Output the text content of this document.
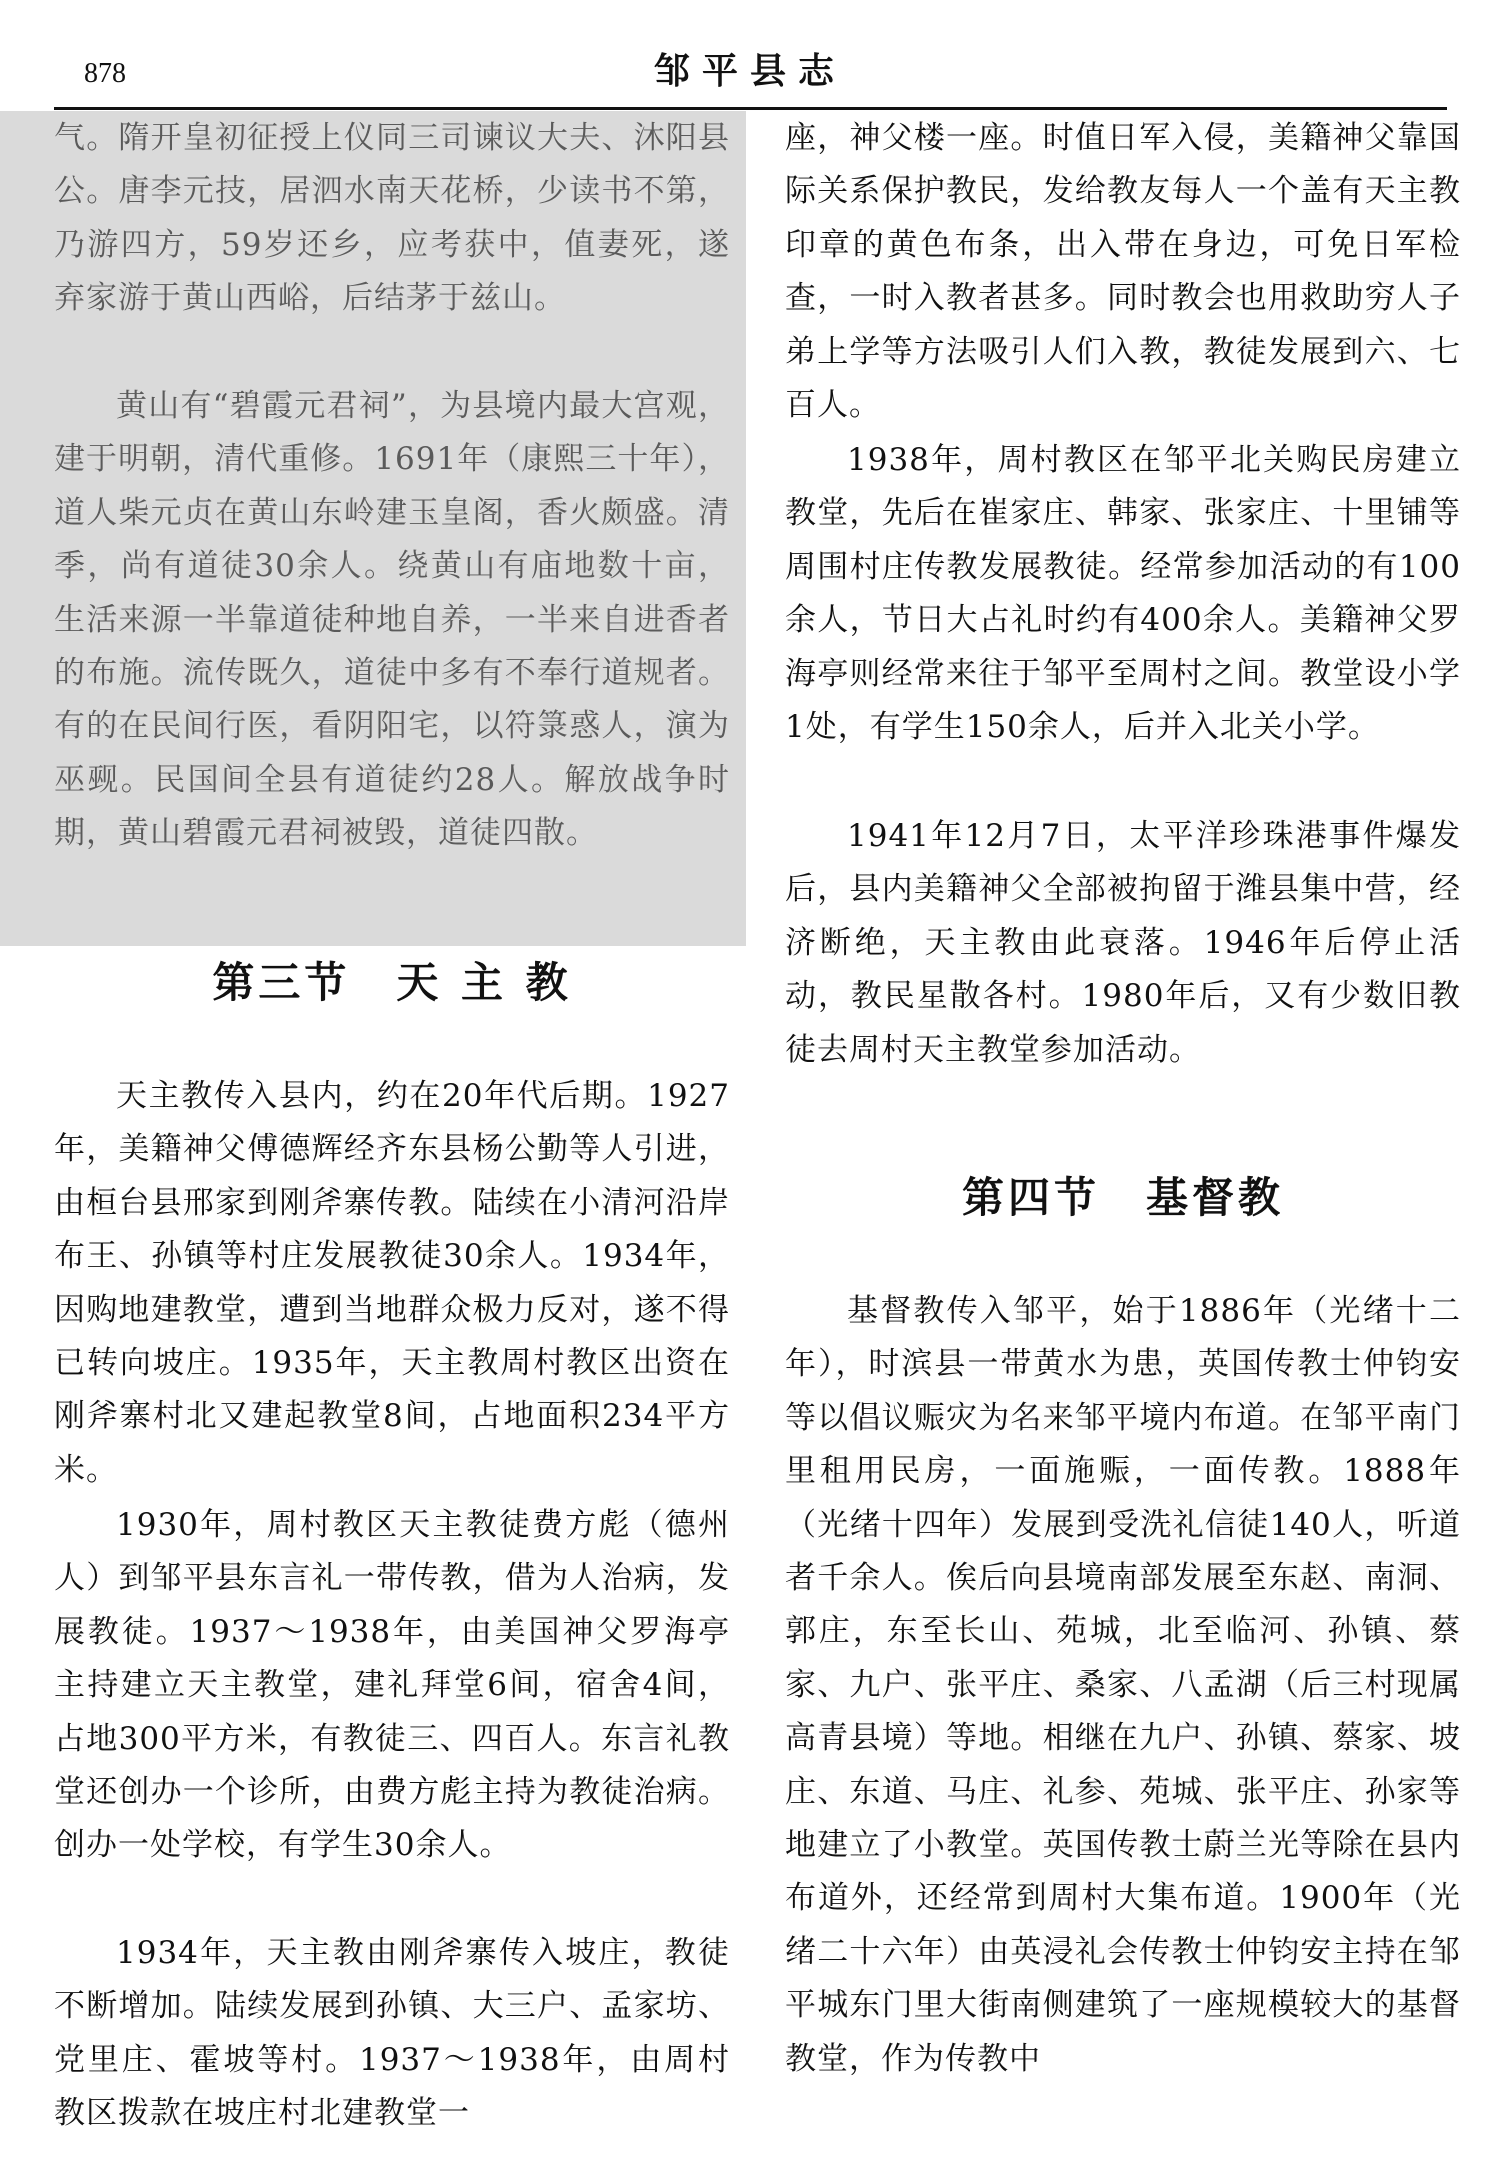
878	邹平县志

气。隋开皇初征授上仪同三司谏议大夫、沐阳县公。唐李元技，居泗水南天花桥，少读书不第，乃游四方，59岁还乡，应考获中，值妻死，遂弃家游于黄山西峪，后结茅于兹山。

黄山有“碧霞元君祠”，为县境内最大宫观，建于明朝，清代重修。1691年（康熙三十年），道人柴元贞在黄山东岭建玉皇阁，香火颇盛。清季，尚有道徒30余人。绕黄山有庙地数十亩，生活来源一半靠道徒种地自养，一半来自进香者的布施。流传既久，道徒中多有不奉行道规者。有的在民间行医，看阴阳宅，以符箓惑人，演为巫觋。民国间全县有道徒约28人。解放战争时期，黄山碧霞元君祠被毁，道徒四散。

第三节　天 主 教

天主教传入县内，约在20年代后期。1927年，美籍神父傅德辉经齐东县杨公勤等人引进，由桓台县邢家到刚斧寨传教。陆续在小清河沿岸布王、孙镇等村庄发展教徒30余人。1934年，因购地建教堂，遭到当地群众极力反对，遂不得已转向坡庄。1935年，天主教周村教区出资在刚斧寨村北又建起教堂8间，占地面积234平方米。

1930年，周村教区天主教徒费方彪（德州人）到邹平县东言礼一带传教，借为人治病，发展教徒。1937～1938年，由美国神父罗海亭主持建立天主教堂，建礼拜堂6间，宿舍4间，占地300平方米，有教徒三、四百人。东言礼教堂还创办一个诊所，由费方彪主持为教徒治病。创办一处学校，有学生30余人。

1934年，天主教由刚斧寨传入坡庄，教徒不断增加。陆续发展到孙镇、大三户、孟家坊、党里庄、霍坡等村。1937～1938年，由周村教区拨款在坡庄村北建教堂一

座，神父楼一座。时值日军入侵，美籍神父靠国际关系保护教民，发给教友每人一个盖有天主教印章的黄色布条，出入带在身边，可免日军检查，一时入教者甚多。同时教会也用救助穷人子弟上学等方法吸引人们入教，教徒发展到六、七百人。

1938年，周村教区在邹平北关购民房建立教堂，先后在崔家庄、韩家、张家庄、十里铺等周围村庄传教发展教徒。经常参加活动的有100余人，节日大占礼时约有400余人。美籍神父罗海亭则经常来往于邹平至周村之间。教堂设小学1处，有学生150余人，后并入北关小学。

1941年12月7日，太平洋珍珠港事件爆发后，县内美籍神父全部被拘留于潍县集中营，经济断绝，天主教由此衰落。1946年后停止活动，教民星散各村。1980年后，又有少数旧教徒去周村天主教堂参加活动。

第四节　基督教

基督教传入邹平，始于1886年（光绪十二年），时滨县一带黄水为患，英国传教士仲钧安等以倡议赈灾为名来邹平境内布道。在邹平南门里租用民房，一面施赈，一面传教。1888年（光绪十四年）发展到受洗礼信徒140人，听道者千余人。俟后向县境南部发展至东赵、南洞、郭庄，东至长山、苑城，北至临河、孙镇、蔡家、九户、张平庄、桑家、八孟湖（后三村现属高青县境）等地。相继在九户、孙镇、蔡家、坡庄、东道、马庄、礼参、苑城、张平庄、孙家等地建立了小教堂。英国传教士蔚兰光等除在县内布道外，还经常到周村大集布道。1900年（光绪二十六年）由英浸礼会传教士仲钧安主持在邹平城东门里大街南侧建筑了一座规模较大的基督教堂，作为传教中
